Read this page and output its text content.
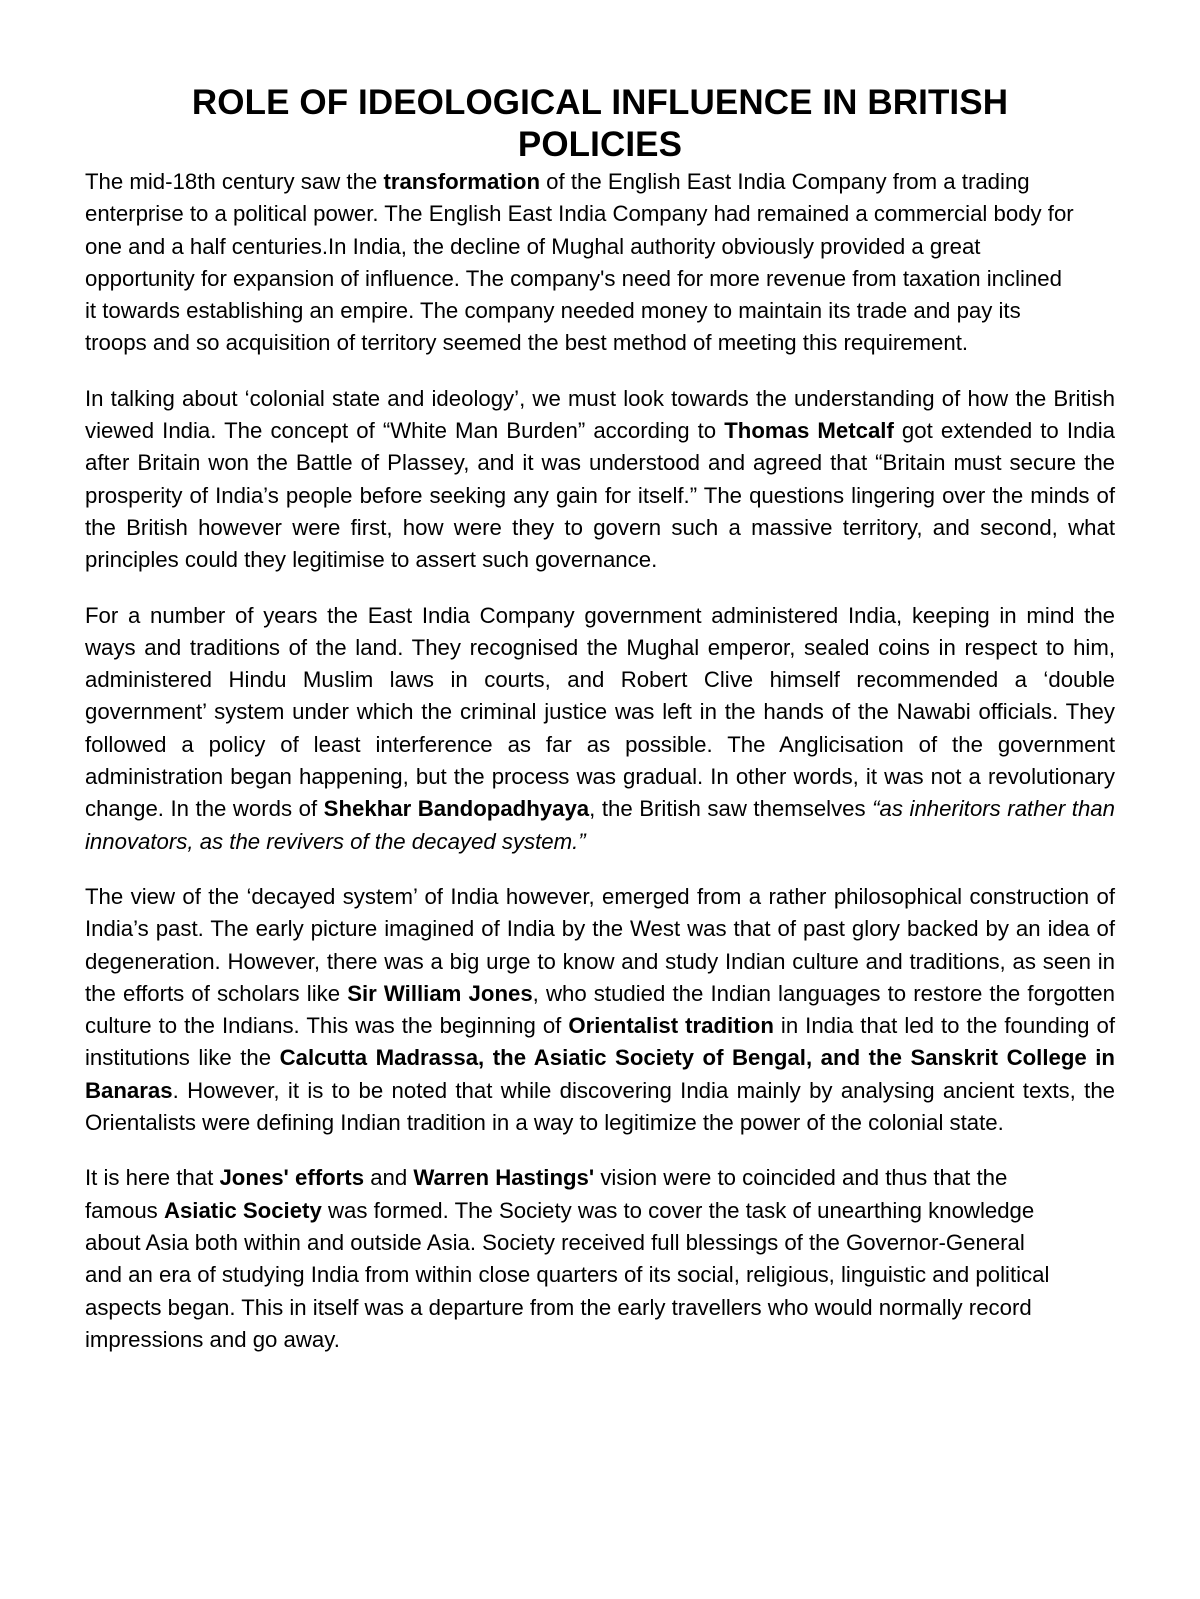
ROLE OF IDEOLOGICAL INFLUENCE IN BRITISH POLICIES

The mid-18th century saw the transformation of the English East India Company from a trading enterprise to a political power. The English East India Company had remained a commercial body for one and a half centuries.In India, the decline of Mughal authority obviously provided a great opportunity for expansion of influence. The company's need for more revenue from taxation inclined it towards establishing an empire. The company needed money to maintain its trade and pay its troops and so acquisition of territory seemed the best method of meeting this requirement.

In talking about ‘colonial state and ideology’, we must look towards the understanding of how the British viewed India. The concept of “White Man Burden” according to Thomas Metcalf got extended to India after Britain won the Battle of Plassey, and it was understood and agreed that “Britain must secure the prosperity of India’s people before seeking any gain for itself.” The questions lingering over the minds of the British however were first, how were they to govern such a massive territory, and second, what principles could they legitimise to assert such governance.

For a number of years the East India Company government administered India, keeping in mind the ways and traditions of the land. They recognised the Mughal emperor, sealed coins in respect to him, administered Hindu Muslim laws in courts, and Robert Clive himself recommended a ‘double government’ system under which the criminal justice was left in the hands of the Nawabi officials. They followed a policy of least interference as far as possible. The Anglicisation of the government administration began happening, but the process was gradual. In other words, it was not a revolutionary change. In the words of Shekhar Bandopadhyaya, the British saw themselves “as inheritors rather than innovators, as the revivers of the decayed system.”

The view of the ‘decayed system’ of India however, emerged from a rather philosophical construction of India’s past. The early picture imagined of India by the West was that of past glory backed by an idea of degeneration. However, there was a big urge to know and study Indian culture and traditions, as seen in the efforts of scholars like Sir William Jones, who studied the Indian languages to restore the forgotten culture to the Indians. This was the beginning of Orientalist tradition in India that led to the founding of institutions like the Calcutta Madrassa, the Asiatic Society of Bengal, and the Sanskrit College in Banaras. However, it is to be noted that while discovering India mainly by analysing ancient texts, the Orientalists were defining Indian tradition in a way to legitimize the power of the colonial state.

It is here that Jones' efforts and Warren Hastings' vision were to coincided and thus that the famous Asiatic Society was formed. The Society was to cover the task of unearthing knowledge about Asia both within and outside Asia. Society received full blessings of the Governor-General and an era of studying India from within close quarters of its social, religious, linguistic and political aspects began. This in itself was a departure from the early travellers who would normally record impressions and go away.
